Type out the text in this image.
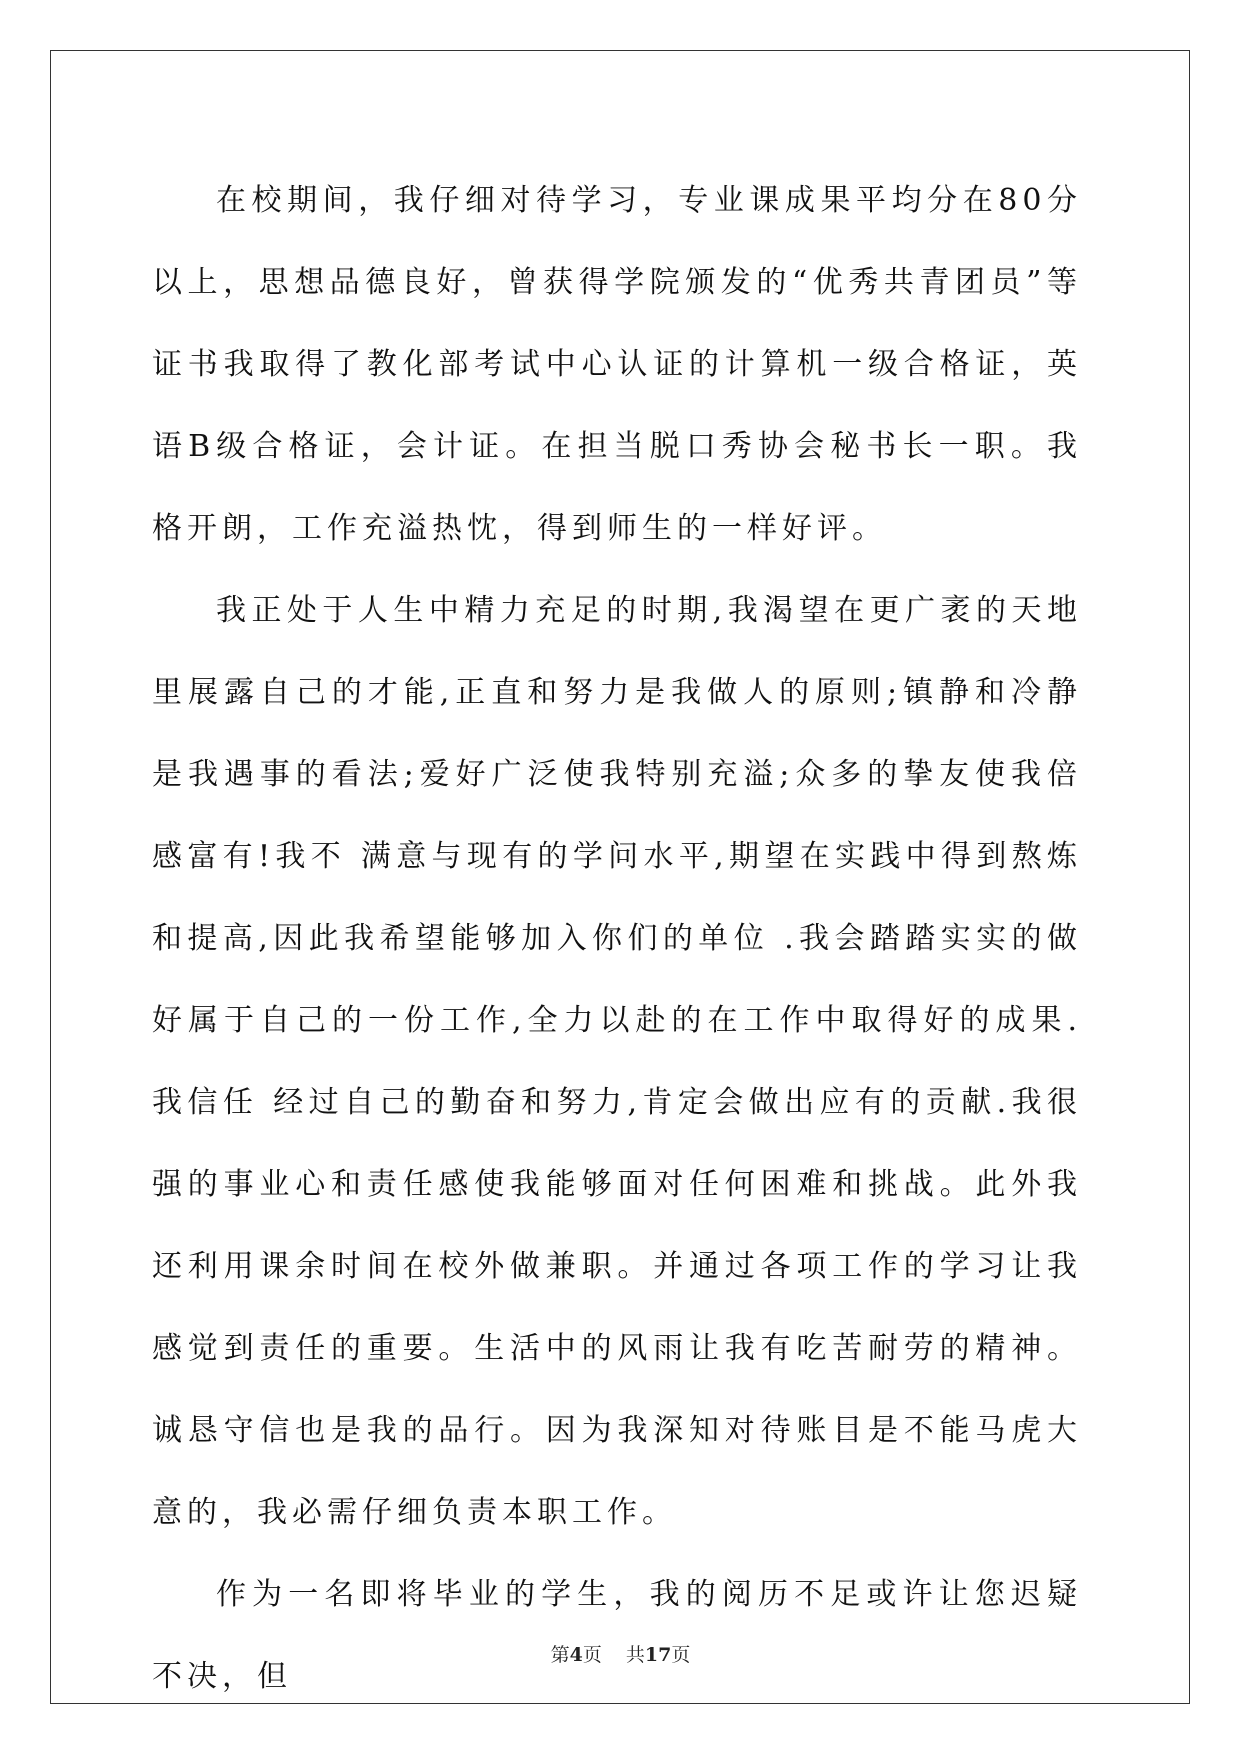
在校期间，我仔细对待学习，专业课成果平均分在80分以上，思想品德良好，曾获得学院颁发的“优秀共青团员”等证书我取得了教化部考试中心认证的计算机一级合格证，英语B级合格证，会计证。在担当脱口秀协会秘书长一职。我格开朗，工作充溢热忱，得到师生的一样好评。

我正处于人生中精力充足的时期,我渴望在更广袤的天地里展露自己的才能,正直和努力是我做人的原则;镇静和冷静是我遇事的看法;爱好广泛使我特别充溢;众多的挚友使我倍感富有!我不 满意与现有的学问水平,期望在实践中得到熬炼和提高,因此我希望能够加入你们的单位 .我会踏踏实实的做好属于自己的一份工作,全力以赴的在工作中取得好的成果.我信任 经过自己的勤奋和努力,肯定会做出应有的贡献.我很强的事业心和责任感使我能够面对任何困难和挑战。此外我还利用课余时间在校外做兼职。并通过各项工作的学习让我感觉到责任的重要。生活中的风雨让我有吃苦耐劳的精神。诚恳守信也是我的品行。因为我深知对待账目是不能马虎大意的，我必需仔细负责本职工作。

作为一名即将毕业的学生，我的阅历不足或许让您迟疑不决，但

第4页 共17页
